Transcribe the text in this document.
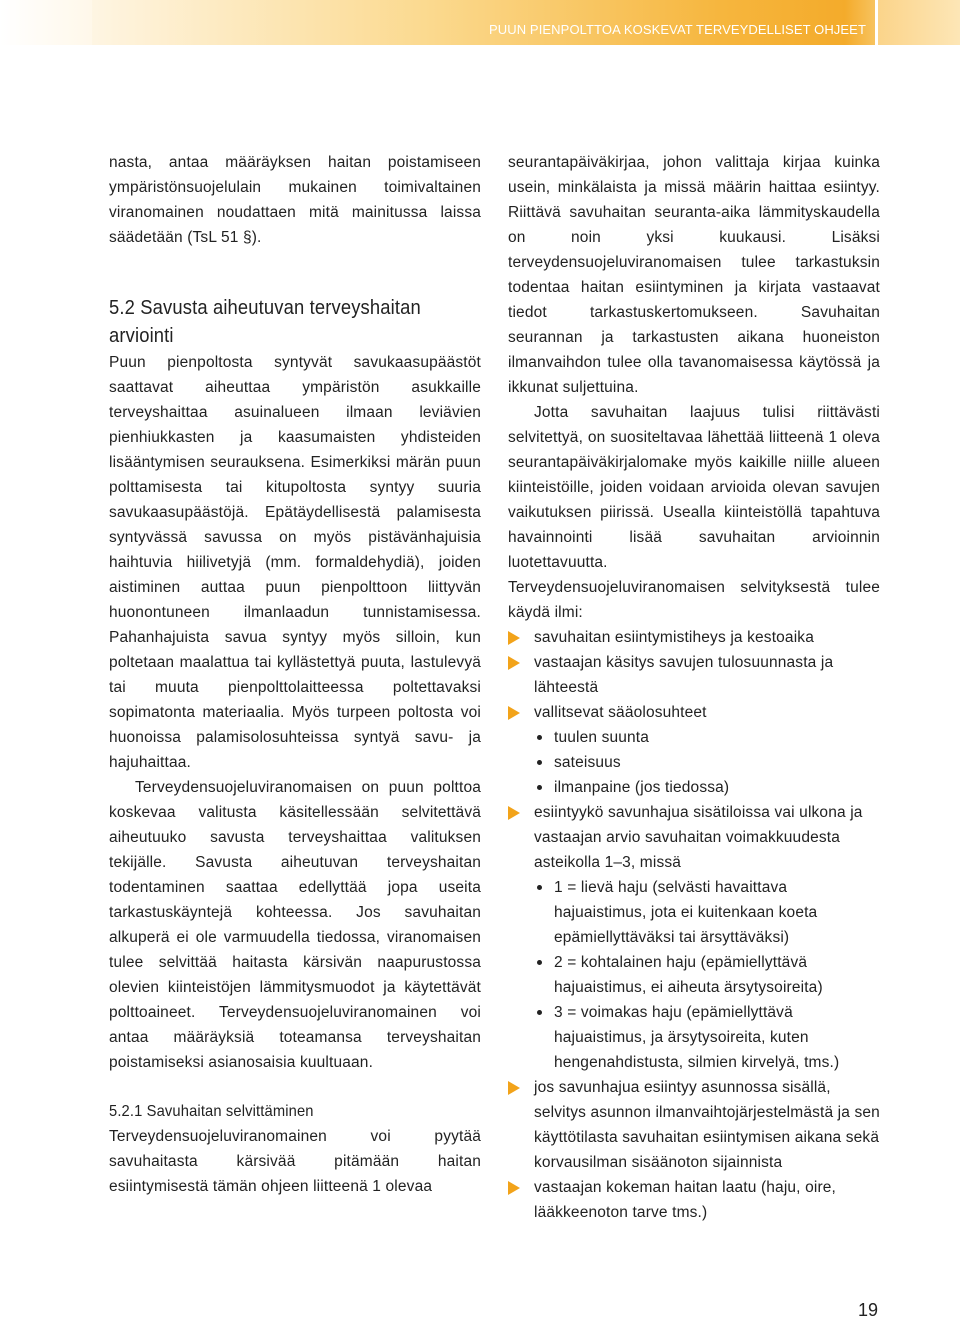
PUUN PIENPOLTTOA KOSKEVAT TERVEYDELLISET OHJEET

nasta, antaa määräyksen haitan poistamiseen ympäristönsuojelulain mukainen toimivaltainen viranomainen noudattaen mitä mainitussa laissa säädetään (TsL 51 §).

5.2 Savusta aiheutuvan terveyshaitan arviointi

Puun pienpoltosta syntyvät savukaasupäästöt saattavat aiheuttaa ympäristön asukkaille terveyshaittaa asuinalueen ilmaan leviävien pienhiukkasten ja kaasumaisten yhdisteiden lisääntymisen seurauksena. Esimerkiksi märän puun polttamisesta tai kitupoltosta syntyy suuria savukaasupäästöjä. Epätäydellisestä palamisesta syntyvässä savussa on myös pistävänhajuisia haihtuvia hiilivetyjä (mm. formaldehydiä), joiden aistiminen auttaa puun pienpolttoon liittyvän huonontuneen ilmanlaadun tunnistamisessa. Pahanhajuista savua syntyy myös silloin, kun poltetaan maalattua tai kyllästettyä puuta, lastulevyä tai muuta pienpolttolaitteessa poltettavaksi sopimatonta materiaalia. Myös turpeen poltosta voi huonoissa palamisolosuhteissa syntyä savu- ja hajuhaittaa.

Terveydensuojeluviranomaisen on puun polttoa koskevaa valitusta käsitellessään selvitettävä aiheutuuko savusta terveyshaittaa valituksen tekijälle. Savusta aiheutuvan terveyshaitan todentaminen saattaa edellyttää jopa useita tarkastuskäyntejä kohteessa. Jos savuhaitan alkuperä ei ole varmuudella tiedossa, viranomaisen tulee selvittää haitasta kärsivän naapurustossa olevien kiinteistöjen lämmitysmuodot ja käytettävät polttoaineet. Terveydensuojeluviranomainen voi antaa määräyksiä toteamansa terveyshaitan poistamiseksi asianosaisia kuultuaan.

5.2.1 Savuhaitan selvittäminen

Terveydensuojeluviranomainen voi pyytää savuhaitasta kärsivää pitämään haitan esiintymisestä tämän ohjeen liitteenä 1 olevaa

seurantapäiväkirjaa, johon valittaja kirjaa kuinka usein, minkälaista ja missä määrin haittaa esiintyy. Riittävä savuhaitan seuranta-aika lämmityskaudella on noin yksi kuukausi. Lisäksi terveydensuojeluviranomaisen tulee tarkastuksin todentaa haitan esiintyminen ja kirjata vastaavat tiedot tarkastuskertomukseen. Savuhaitan seurannan ja tarkastusten aikana huoneiston ilmanvaihdon tulee olla tavanomaisessa käytössä ja ikkunat suljettuina.

Jotta savuhaitan laajuus tulisi riittävästi selvitettyä, on suositeltavaa lähettää liitteenä 1 oleva seurantapäiväkirjalomake myös kaikille niille alueen kiinteistöille, joiden voidaan arvioida olevan savujen vaikutuksen piirissä. Usealla kiinteistöllä tapahtuva havainnointi lisää savuhaitan arvioinnin luotettavuutta.

Terveydensuojeluviranomaisen selvityksestä tulee käydä ilmi:

savuhaitan esiintymistiheys ja kestoaika
vastaajan käsitys savujen tulosuunnasta ja lähteestä
vallitsevat sääolosuhteet
tuulen suunta
sateisuus
ilmanpaine (jos tiedossa)
esiintyykö savunhajua sisätiloissa vai ulkona ja vastaajan arvio savuhaitan voimakkuudesta asteikolla 1–3, missä
1 = lievä haju (selvästi havaittava hajuaistimus, jota ei kuitenkaan koeta epämiellyttäväksi tai ärsyttäväksi)
2 = kohtalainen haju (epämiellyttävä hajuaistimus, ei aiheuta ärsytysoireita)
3 = voimakas haju (epämiellyttävä hajuaistimus, ja ärsytysoireita, kuten hengenahdistusta, silmien kirvelyä, tms.)
jos savunhajua esiintyy asunnossa sisällä, selvitys asunnon ilmanvaihtojärjestelmästä ja sen käyttötilasta savuhaitan esiintymisen aikana sekä korvausilman sisäänoton sijainnista
vastaajan kokeman haitan laatu (haju, oire, lääkkeenoton tarve tms.)
19
